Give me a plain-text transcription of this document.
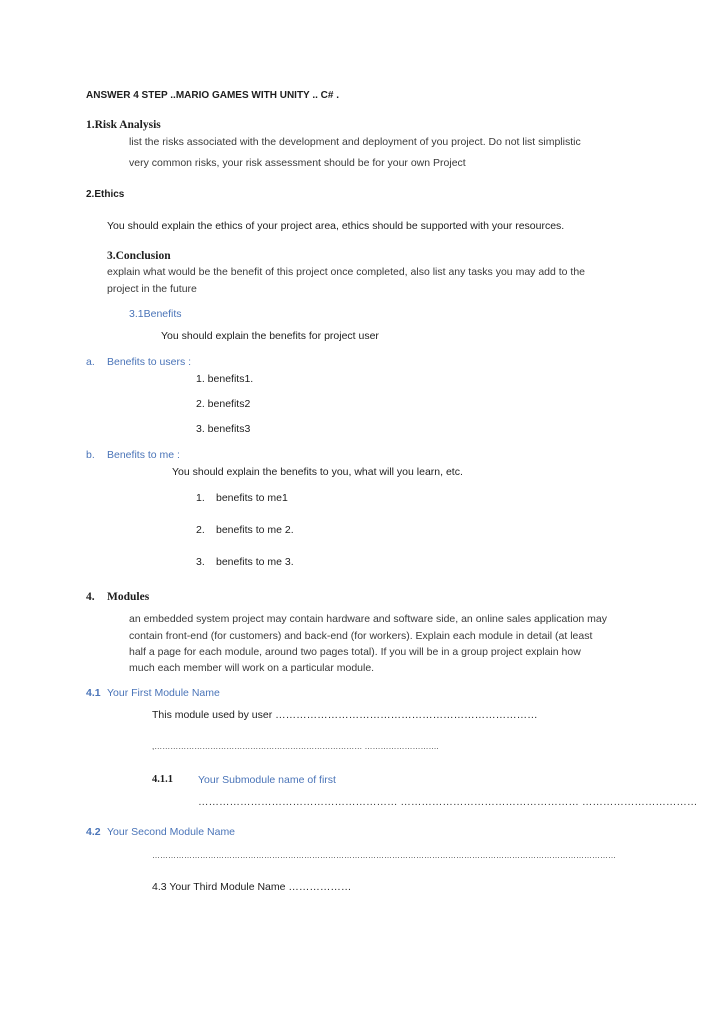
ANSWER 4 STEP ..MARIO GAMES WITH UNITY .. C# .
1.Risk Analysis
list the risks associated with the development and deployment of you project. Do not list simplistic
very common risks, your risk assessment should be for your own Project
2.Ethics
You should explain the ethics of your project area, ethics should be supported with your resources.
3.Conclusion
explain what would be the benefit of this project once completed, also list any tasks you may add to the
project in the future
3.1Benefits
You should explain the benefits for project user
a. Benefits to users :
1. benefits1.
2. benefits2
3. benefits3
b. Benefits to me :
You should explain the benefits to you, what will you learn, etc.
1. benefits to me1
2. benefits to me 2.
3. benefits to me 3.
4. Modules
an embedded system project may contain hardware and software side, an online sales application may
contain front-end (for customers) and back-end (for workers). Explain each module in detail (at least
half a page for each module, around two pages total). If you will be in a group project explain how
much each member will work on a particular module.
4.1 Your First Module Name
This module used by user …………………………………………………………………
,…………………………………………………………………… ……………………….
4.1.1 Your Submodule name of first
………………………………………………… …………………………………………… ……………………………
4.2 Your Second Module Name
…………………………………………………………………………………………………………………………………………………………
4.3 Your Third Module Name ………………
